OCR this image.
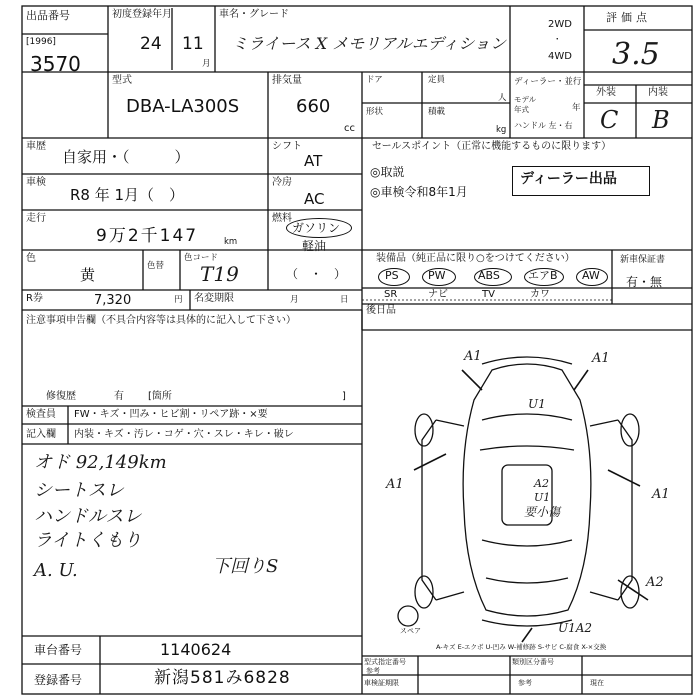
出品番号
[1996]
3570
初度登録年月
24 11
月
車名・グレード
ミライース X メモリアルエディション
2WD
・
4WD
評価点
3.5
型式
DBA-LA300S
排気量
660
cc
ドア	定員
人
形状	積載
kg
ディーラー・並行
モデル
年式	年
ハンドル 左・右
外装	内装
C B
車歴
自家用・（　　　）
シフト
AT
車検
R8 年 1月（　）
冷房
AC
走行
9万2千147	km
燃料
ガソリン
軽油
色
黄	色替
色コード
T19	（　・　）
R券	7,320	円 名変期限	月	日
セールスポイント（正常に機能するものに限ります）
◎取説
◎車検令和8年1月
ディーラー出品
装備品（純正品に限り○をつけてください）
PS	PW	ABS	エアB AW
SR	ナビ	TV	カワ
新車保証書
有・無
後日品
注意事項申告欄（不具合内容等は具体的に記入して下さい）
修復歴	有 [箇所	]
検査員 FW・キズ・凹み・ヒビ割・リペア跡・×要
記入欄 内装・キズ・汚レ・コゲ・穴・スレ・キレ・破レ
オド 92,149km
シートスレ
ハンドルスレ
ライトくもり
A. U.	下回りS
A1	A1
U1
A1
A1
A2
U1
A2
U1A2
要小傷
スペア
A-キズ E-エクボ U-凹み W-補修跡 S-サビ C-腐食 X-×交換
車台番号	1140624
登録番号	新潟581み6828
型式指定番号	類別区分番号
車検証期限
参考
参考	現在
